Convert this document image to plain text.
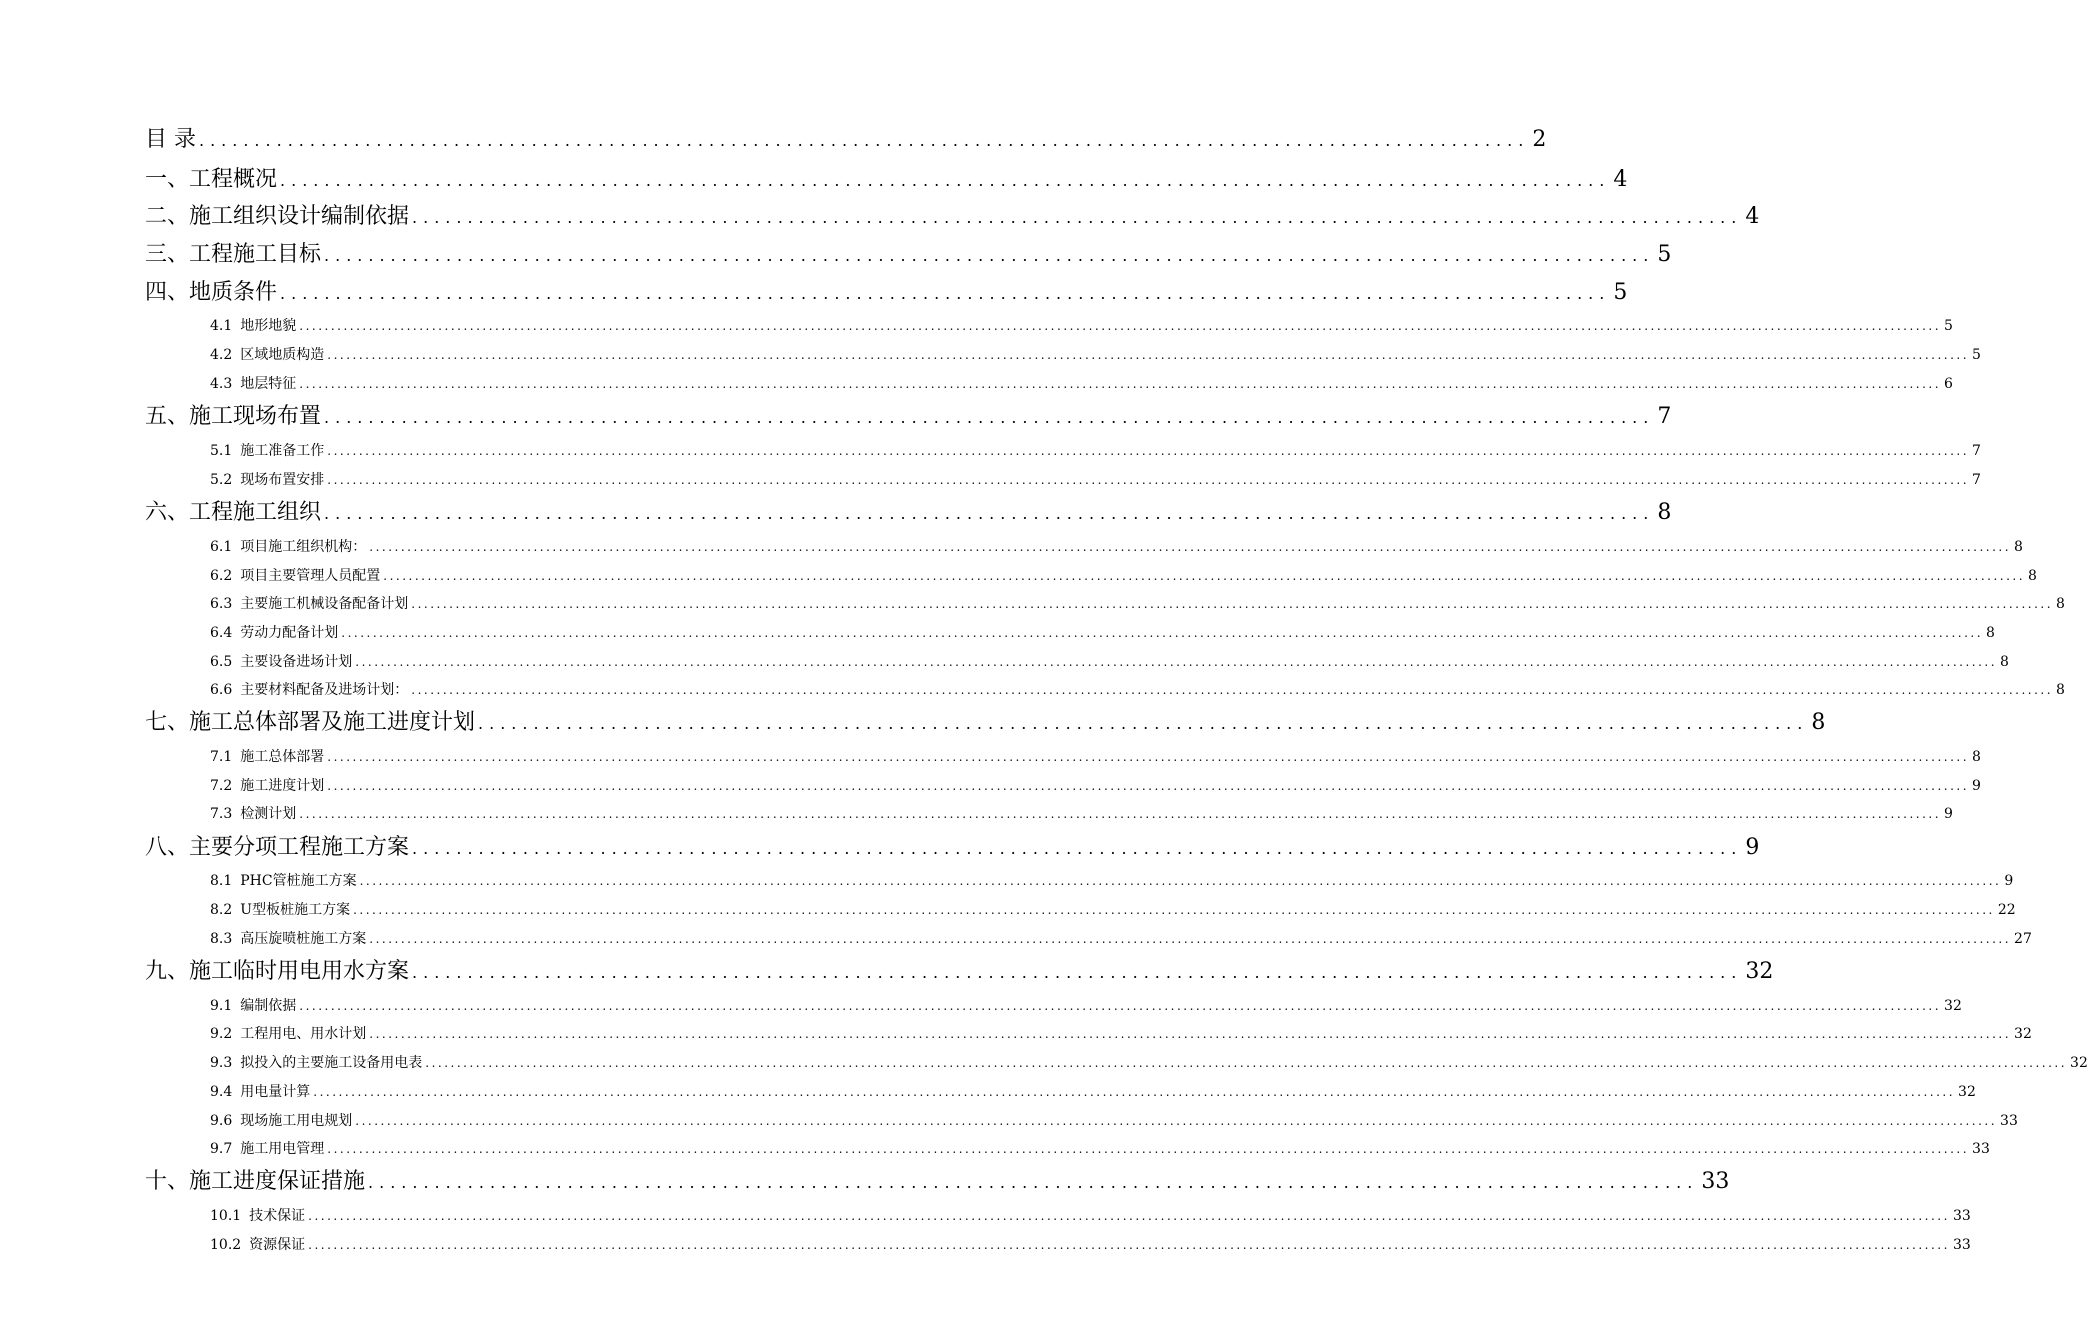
目 录 ........................................................................................................................ 2
一、工程概况 ........................................................................................................................ 4
二、施工组织设计编制依据 ........................................................................................................................ 4
三、工程施工目标 ........................................................................................................................ 5
四、地质条件 ........................................................................................................................ 5
4.1 地形地貌 .................................................................................................................................................................................................................................................................... 5
4.2 区域地质构造 .................................................................................................................................................................................................................................................................... 5
4.3 地层特征 .................................................................................................................................................................................................................................................................... 6
五、施工现场布置 ........................................................................................................................ 7
5.1 施工准备工作 .................................................................................................................................................................................................................................................................... 7
5.2 现场布置安排 .................................................................................................................................................................................................................................................................... 7
六、工程施工组织 ........................................................................................................................ 8
6.1 项目施工组织机构： .................................................................................................................................................................................................................................................................... 8
6.2 项目主要管理人员配置 .................................................................................................................................................................................................................................................................... 8
6.3 主要施工机械设备配备计划 .................................................................................................................................................................................................................................................................... 8
6.4 劳动力配备计划 .................................................................................................................................................................................................................................................................... 8
6.5 主要设备进场计划 .................................................................................................................................................................................................................................................................... 8
6.6 主要材料配备及进场计划： .................................................................................................................................................................................................................................................................... 8
七、施工总体部署及施工进度计划 ........................................................................................................................ 8
7.1 施工总体部署 .................................................................................................................................................................................................................................................................... 8
7.2 施工进度计划 .................................................................................................................................................................................................................................................................... 9
7.3 检测计划 .................................................................................................................................................................................................................................................................... 9
八、主要分项工程施工方案 ........................................................................................................................ 9
8.1 PHC管桩施工方案 .................................................................................................................................................................................................................................................................... 9
8.2 U型板桩施工方案 .................................................................................................................................................................................................................................................................... 22
8.3 高压旋喷桩施工方案 .................................................................................................................................................................................................................................................................... 27
九、施工临时用电用水方案 ........................................................................................................................ 32
9.1 编制依据 .................................................................................................................................................................................................................................................................... 32
9.2 工程用电、用水计划 .................................................................................................................................................................................................................................................................... 32
9.3 拟投入的主要施工设备用电表 .................................................................................................................................................................................................................................................................... 32
9.4 用电量计算 .................................................................................................................................................................................................................................................................... 32
9.6 现场施工用电规划 .................................................................................................................................................................................................................................................................... 33
9.7 施工用电管理 .................................................................................................................................................................................................................................................................... 33
十、施工进度保证措施 ........................................................................................................................ 33
10.1 技术保证 .................................................................................................................................................................................................................................................................... 33
10.2 资源保证 .................................................................................................................................................................................................................................................................... 33
